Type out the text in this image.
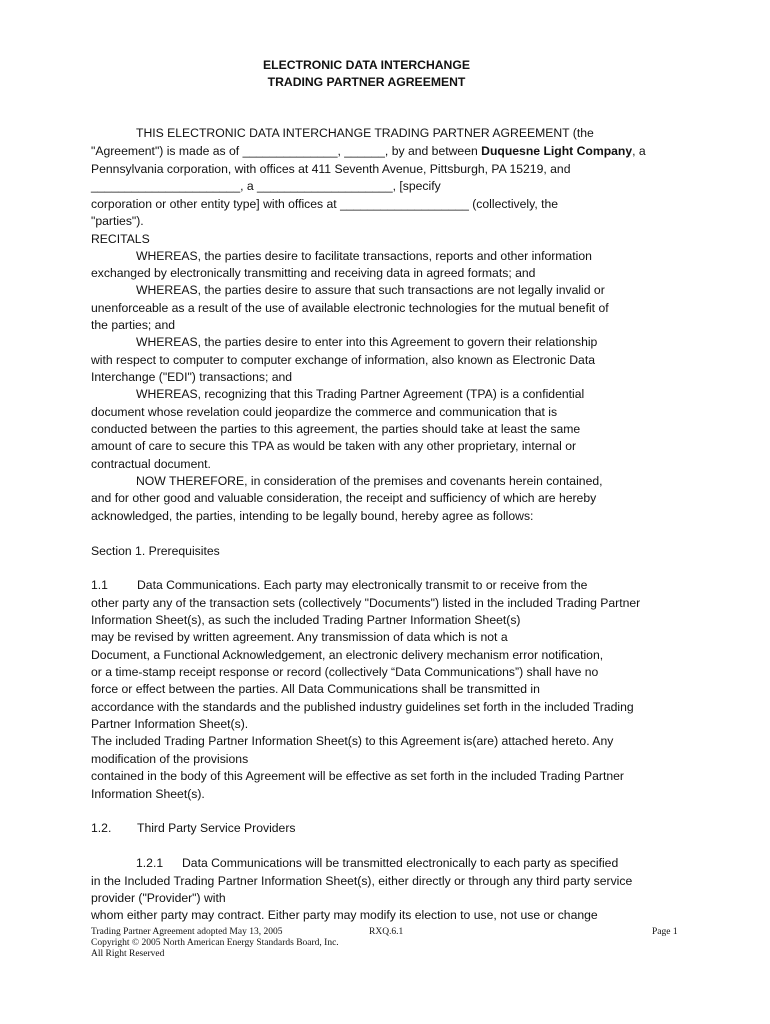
ELECTRONIC DATA INTERCHANGE
TRADING PARTNER AGREEMENT
THIS ELECTRONIC DATA INTERCHANGE TRADING PARTNER AGREEMENT (the
"Agreement") is made as of ______________, ______, by and between Duquesne Light Company, a
Pennsylvania corporation, with offices at 411 Seventh Avenue, Pittsburgh, PA 15219, and
______________________, a ____________________, [specify
corporation or other entity type] with offices at ___________________ (collectively, the
"parties").
RECITALS
WHEREAS, the parties desire to facilitate transactions, reports and other information
exchanged by electronically transmitting and receiving data in agreed formats; and
WHEREAS, the parties desire to assure that such transactions are not legally invalid or
unenforceable as a result of the use of available electronic technologies for the mutual benefit of
the parties; and
WHEREAS, the parties desire to enter into this Agreement to govern their relationship
with respect to computer to computer exchange of information, also known as Electronic Data
Interchange ("EDI") transactions; and
WHEREAS, recognizing that this Trading Partner Agreement (TPA) is a confidential
document whose revelation could jeopardize the commerce and communication that is
conducted between the parties to this agreement, the parties should take at least the same
amount of care to secure this TPA as would be taken with any other proprietary, internal or
contractual document.
NOW THEREFORE, in consideration of the premises and covenants herein contained,
and for other good and valuable consideration, the receipt and sufficiency of which are hereby
acknowledged, the parties, intending to be legally bound, hereby agree as follows:
Section 1. Prerequisites
1.1 Data Communications. Each party may electronically transmit to or receive from the
other party any of the transaction sets (collectively "Documents") listed in the included Trading Partner
Information Sheet(s), as such the included Trading Partner Information Sheet(s)
may be revised by written agreement. Any transmission of data which is not a
Document, a Functional Acknowledgement, an electronic delivery mechanism error notification,
or a time-stamp receipt response or record (collectively “Data Communications”) shall have no
force or effect between the parties. All Data Communications shall be transmitted in
accordance with the standards and the published industry guidelines set forth in the included Trading
Partner Information Sheet(s).
The included Trading Partner Information Sheet(s) to this Agreement is(are) attached hereto. Any
modification of the provisions
contained in the body of this Agreement will be effective as set forth in the included Trading Partner
Information Sheet(s).
1.2. Third Party Service Providers
1.2.1 Data Communications will be transmitted electronically to each party as specified
in the Included Trading Partner Information Sheet(s), either directly or through any third party service
provider ("Provider") with
whom either party may contract. Either party may modify its election to use, not use or change
Trading Partner Agreement adopted May 13, 2005	RXQ.6.1	Page 1
Copyright © 2005 North American Energy Standards Board, Inc.
All Right Reserved
